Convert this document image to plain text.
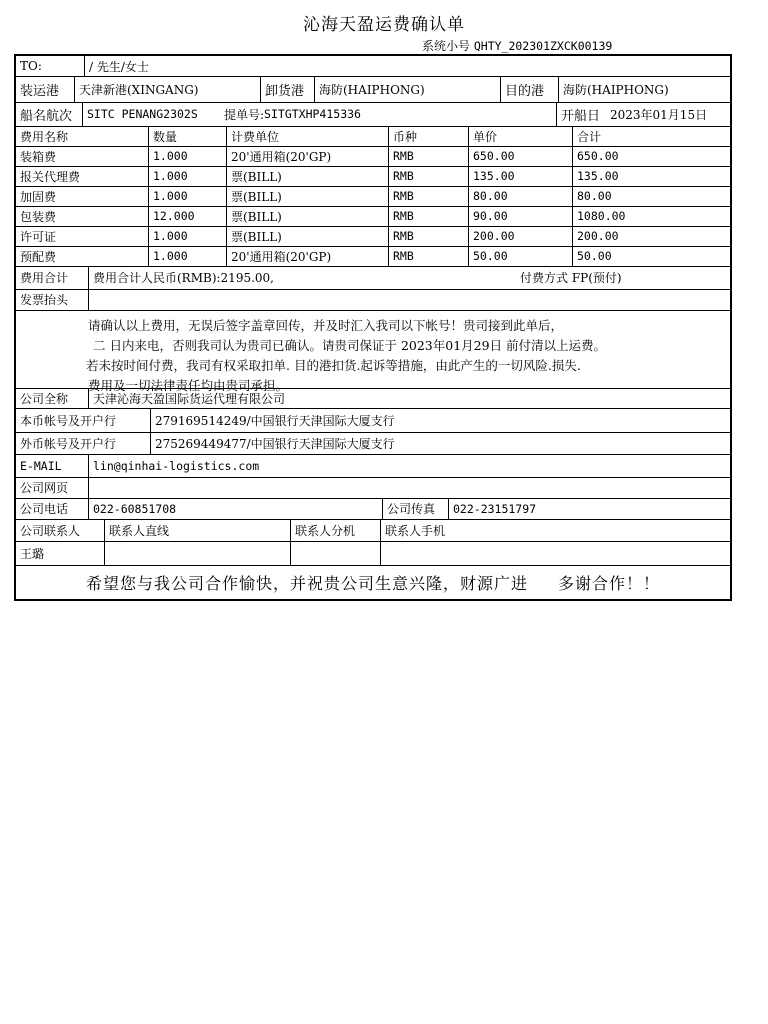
沁海天盈运费确认单
系统小号 QHTY_202301ZXCK00139
TO:	/ 先生/女士
装运港	天津新港(XINGANG)	卸货港	海防(HAIPHONG)	目的港	海防(HAIPHONG)
船名航次	SITC PENANG2302S	提单号: SITGTXHP415336	开船日 2023年01月15日
费用名称	数量	计费单位	币种	单价	合计
装箱费	1.000	20'通用箱(20'GP)	RMB	650.00	650.00
报关代理费	1.000	票(BILL)	RMB	135.00	135.00
加固费	1.000	票(BILL)	RMB	80.00	80.00
包装费	12.000	票(BILL)	RMB	90.00	1080.00
许可证	1.000	票(BILL)	RMB	200.00	200.00
预配费	1.000	20'通用箱(20'GP)	RMB	50.00	50.00
费用合计	费用合计人民币(RMB):2195.00,	付费方式 FP(预付)
发票抬头
请确认以上费用，无误后签字盖章回传，并及时汇入我司以下帐号！贵司接到此单后，
二 日内来电，否则我司认为贵司已确认。请贵司保证于 2023年01月29日 前付清以上运费。
若未按时间付费，我司有权采取扣单. 目的港扣货.起诉等措施，由此产生的一切风险.损失.
费用及一切法律责任均由贵司承担。
公司全称	天津沁海天盈国际货运代理有限公司
本币帐号及开户行	279169514249/中国银行天津国际大厦支行
外币帐号及开户行	275269449477/中国银行天津国际大厦支行
E-MAIL	lin@qinhai-logistics.com
公司网页
公司电话	022-60851708	公司传真	022-23151797
公司联系人	联系人直线	联系人分机	联系人手机
王璐
希望您与我公司合作愉快，并祝贵公司生意兴隆，财源广进 多谢合作！！
